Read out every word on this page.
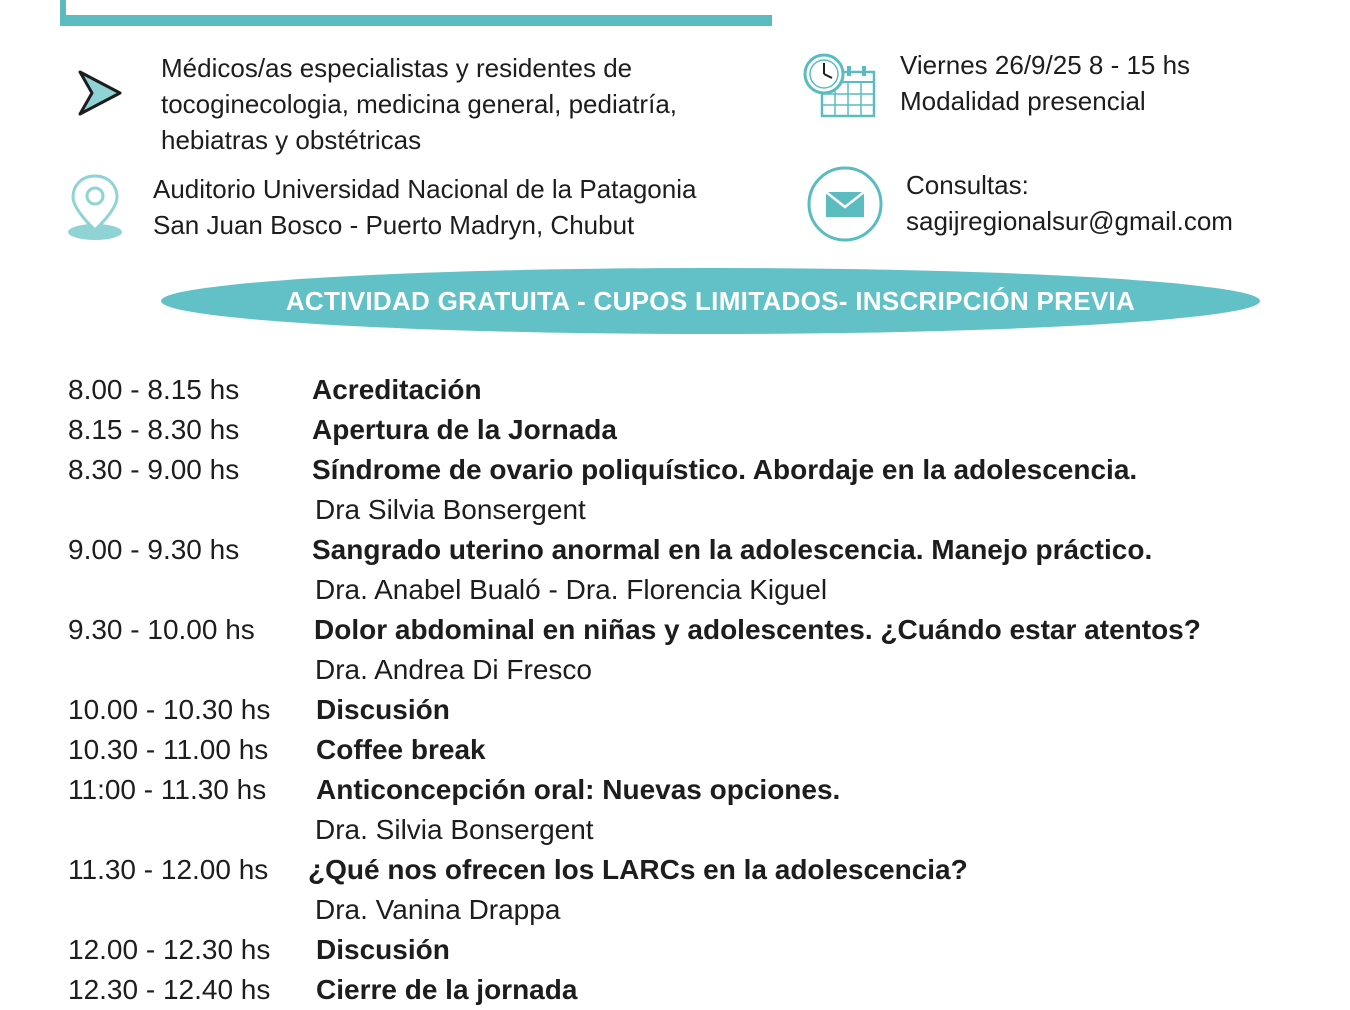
Médicos/as especialistas y residentes de
tocoginecologia, medicina general, pediatría,
hebiatras y obstétricas
Viernes 26/9/25 8 - 15 hs
Modalidad presencial
Auditorio Universidad Nacional de la Patagonia
San Juan Bosco - Puerto Madryn, Chubut
Consultas:
sagijregionalsur@gmail.com
ACTIVIDAD GRATUITA - CUPOS LIMITADOS- INSCRIPCIÓN PREVIA
8.00 - 8.15 hs	Acreditación
8.15 - 8.30 hs	Apertura de la Jornada
8.30 - 9.00 hs	Síndrome de ovario poliquístico. Abordaje en la adolescencia.
Dra Silvia Bonsergent
9.00 - 9.30 hs	Sangrado uterino anormal en la adolescencia. Manejo práctico.
Dra. Anabel Bualó - Dra. Florencia Kiguel
9.30 - 10.00 hs Dolor abdominal en niñas y adolescentes. ¿Cuándo estar atentos?
Dra. Andrea Di Fresco
10.00 - 10.30 hs Discusión
10.30 - 11.00 hs Coffee break
11:00 - 11.30 hs Anticoncepción oral: Nuevas opciones.
Dra. Silvia Bonsergent
11.30 - 12.00 hs ¿Qué nos ofrecen los LARCs en la adolescencia?
Dra. Vanina Drappa
12.00 - 12.30 hs Discusión
12.30 - 12.40 hs Cierre de la jornada
